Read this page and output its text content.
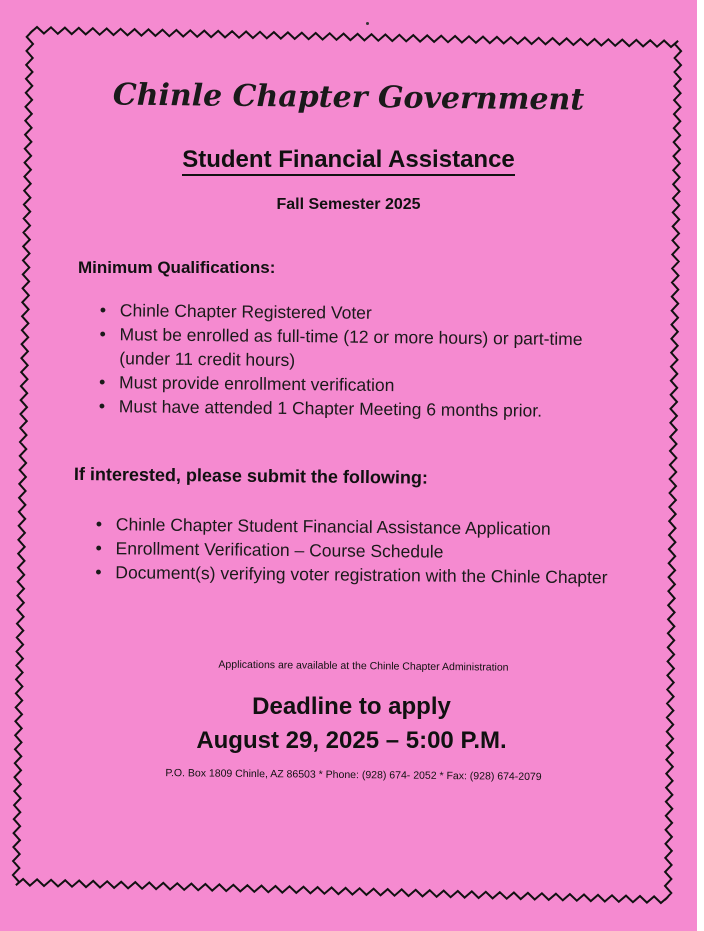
Chinle Chapter Government
Student Financial Assistance
Fall Semester 2025
Minimum Qualifications:
• Chinle Chapter Registered Voter
• Must be enrolled as full-time (12 or more hours) or part-time (under 11 credit hours)
• Must provide enrollment verification
• Must have attended 1 Chapter Meeting 6 months prior.
If interested, please submit the following:
• Chinle Chapter Student Financial Assistance Application
• Enrollment Verification – Course Schedule
• Document(s) verifying voter registration with the Chinle Chapter
Applications are available at the Chinle Chapter Administration
Deadline to apply
August 29, 2025 – 5:00 P.M.
P.O. Box 1809 Chinle, AZ 86503 * Phone: (928) 674- 2052 * Fax: (928) 674-2079
